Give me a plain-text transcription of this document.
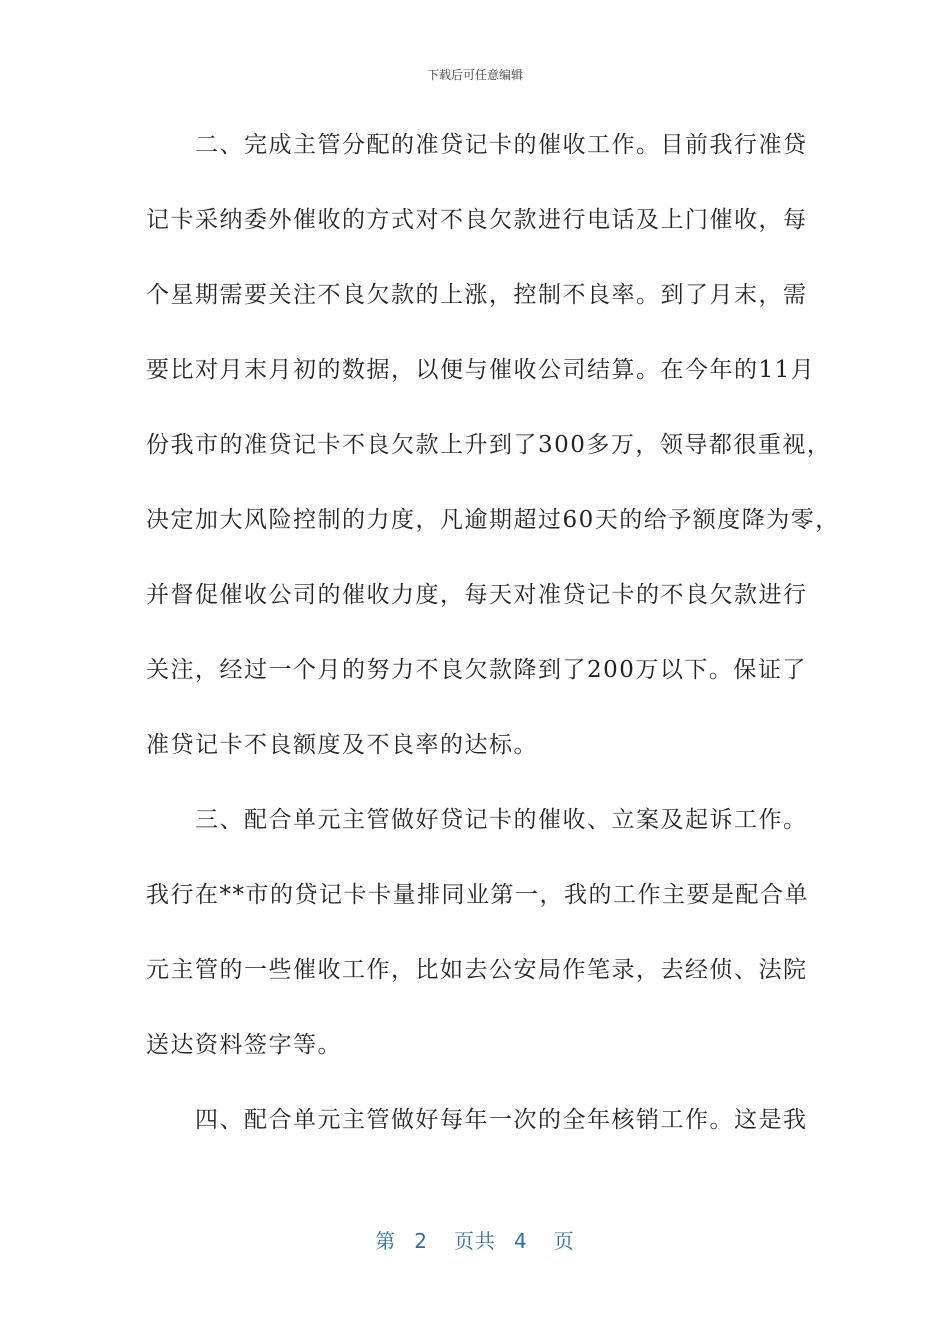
下载后可任意编辑
　　二、完成主管分配的准贷记卡的催收工作。目前我行准贷
记卡采纳委外催收的方式对不良欠款进行电话及上门催收，每
个星期需要关注不良欠款的上涨，控制不良率。到了月末，需
要比对月末月初的数据，以便与催收公司结算。在今年的11月
份我市的准贷记卡不良欠款上升到了300多万，领导都很重视，
决定加大风险控制的力度，凡逾期超过60天的给予额度降为零，
并督促催收公司的催收力度，每天对准贷记卡的不良欠款进行
关注，经过一个月的努力不良欠款降到了200万以下。保证了
准贷记卡不良额度及不良率的达标。
　　三、配合单元主管做好贷记卡的催收、立案及起诉工作。
我行在**市的贷记卡卡量排同业第一，我的工作主要是配合单
元主管的一些催收工作，比如去公安局作笔录，去经侦、法院
送达资料签字等。
　　四、配合单元主管做好每年一次的全年核销工作。这是我
第 2 页共 4 页
